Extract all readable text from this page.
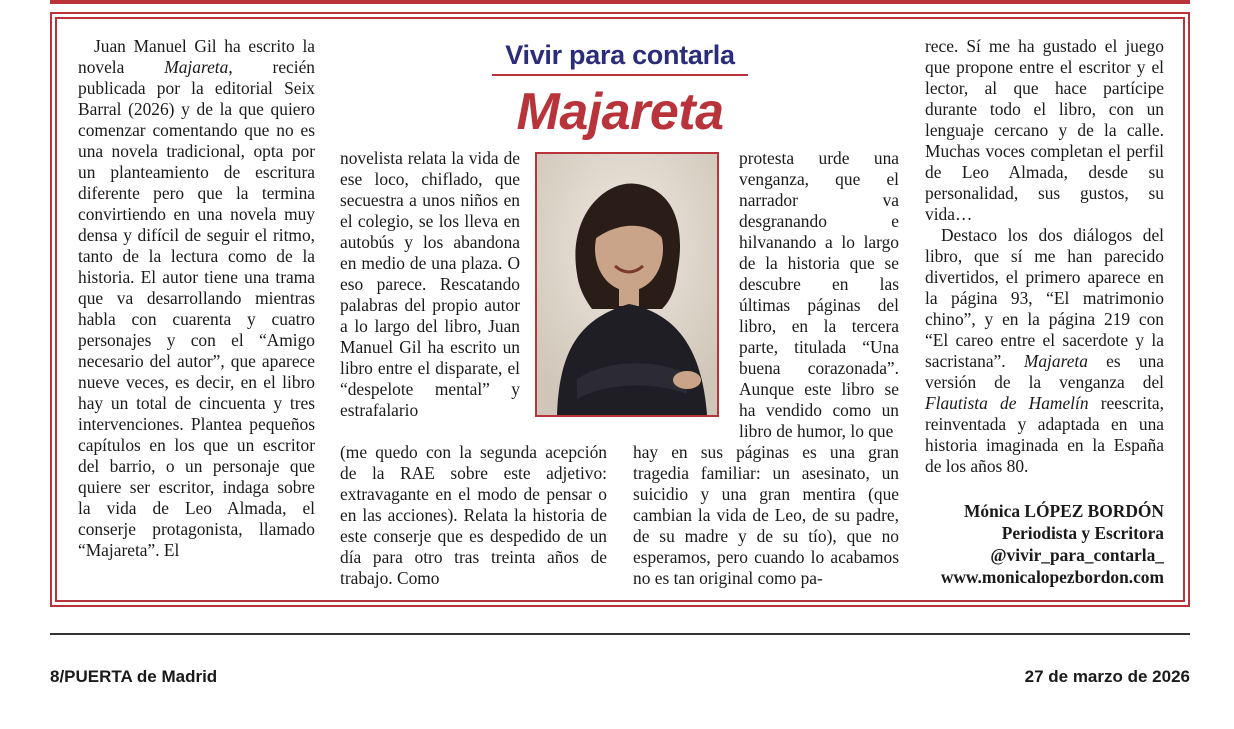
Vivir para contarla
Majareta

Juan Manuel Gil ha escrito la novela Majareta, recién publicada por la editorial Seix Barral (2026) y de la que quiero comenzar comentando que no es una novela tradicional, opta por un planteamiento de escritura diferente pero que la termina convirtiendo en una novela muy densa y difícil de seguir el ritmo, tanto de la lectura como de la historia. El autor tiene una trama que va desarrollando mientras habla con cuarenta y cuatro personajes y con el “Amigo necesario del autor”, que aparece nueve veces, es decir, en el libro hay un total de cincuenta y tres intervenciones. Plantea pequeños capítulos en los que un escritor del barrio, o un personaje que quiere ser escritor, indaga sobre la vida de Leo Almada, el conserje protagonista, llamado “Majareta”. El

novelista relata la vida de ese loco, chiflado, que secuestra a unos niños en el colegio, se los lleva en autobús y los abandona en medio de una plaza. O eso parece. Rescatando palabras del propio autor a lo largo del libro, Juan Manuel Gil ha escrito un libro entre el disparate, el “despelote mental” y estrafalario

(me quedo con la segunda acepción de la RAE sobre este adjetivo: extravagante en el modo de pensar o en las acciones). Relata la historia de este conserje que es despedido de un día para otro tras treinta años de trabajo. Como

protesta urde una venganza, que el narrador va desgranando e hilvanando a lo largo de la historia que se descubre en las últimas páginas del libro, en la tercera parte, titulada “Una buena corazonada”. Aunque este libro se ha vendido como un libro de humor, lo que

hay en sus páginas es una gran tragedia familiar: un asesinato, un suicidio y una gran mentira (que cambian la vida de Leo, de su padre, de su madre y de su tío), que no esperamos, pero cuando lo acabamos no es tan original como pa-

rece. Sí me ha gustado el juego que propone entre el escritor y el lector, al que hace partícipe durante todo el libro, con un lenguaje cercano y de la calle. Muchas voces completan el perfil de Leo Almada, desde su personalidad, sus gustos, su vida…

Destaco los dos diálogos del libro, que sí me han parecido divertidos, el primero aparece en la página 93, “El matrimonio chino”, y en la página 219 con “El careo entre el sacerdote y la sacristana”. Majareta es una versión de la venganza del Flautista de Hamelín reescrita, reinventada y adaptada en una historia imaginada en la España de los años 80.

Mónica LÓPEZ BORDÓN
Periodista y Escritora
@vivir_para_contarla_
www.monicalopezbordon.com
8/PUERTA de Madrid	27 de marzo de 2026
